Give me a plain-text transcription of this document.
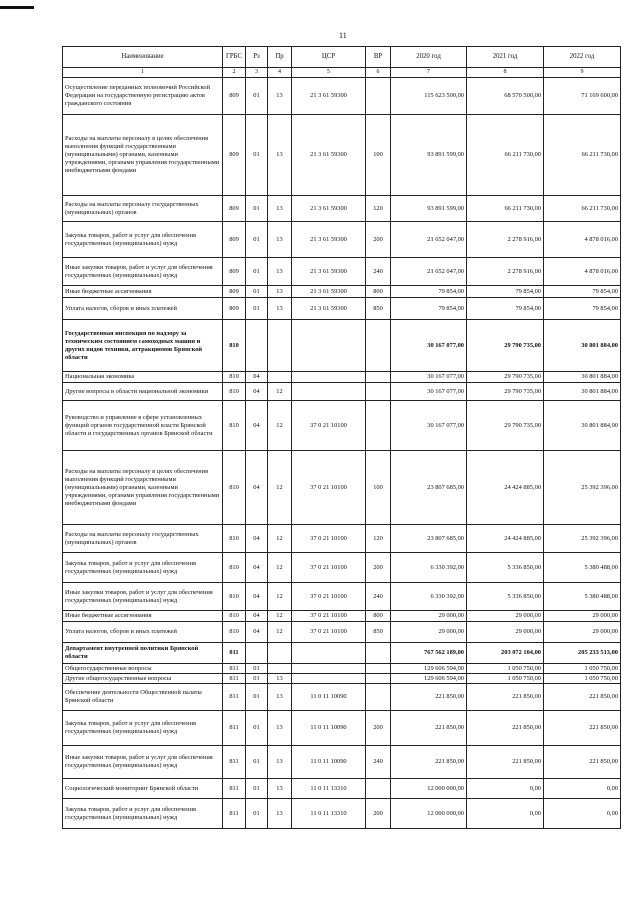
11
Наименование	ГРБС	Рз	Пр	ЦСР	ВР	2020 год	2021 год	2022 год
1	2	3	4	5	6	7	8	9
Осуществление переданных полномочий Российской Федерации на государственную регистрацию актов гражданского состояния	809	01	13	21 3 61 59300		115 623 500,00	68 570 500,00	71 169 600,00
Расходы на выплаты персоналу в целях обеспечения выполнения функций государственными (муниципальными) органами, казенными учреждениями, органами управления государственными внебюджетными фондами	809	01	13	21 3 61 59300	100	93 891 599,00	66 211 730,00	66 211 730,00
Расходы на выплаты персоналу государственных (муниципальных) органов	809	01	13	21 3 61 59300	120	93 891 599,00	66 211 730,00	66 211 730,00
Закупка товаров, работ и услуг для обеспечения государственных (муниципальных) нужд	809	01	13	21 3 61 59300	200	21 652 047,00	2 278 916,00	4 878 016,00
Иные закупки товаров, работ и услуг для обеспечения государственных (муниципальных) нужд	809	01	13	21 3 61 59300	240	21 652 047,00	2 278 916,00	4 878 016,00
Иные бюджетные ассигнования	809	01	13	21 3 61 59300	800	79 854,00	79 854,00	79 854,00
Уплата налогов, сборов и иных платежей	809	01	13	21 3 61 59300	850	79 854,00	79 854,00	79 854,00
Государственная инспекция по надзору за техническим состоянием самоходных машин и других видов техники, аттракционов Брянской области	810					30 167 077,00	29 790 735,00	30 801 884,00
Национальная экономика	810	04				30 167 077,00	29 790 735,00	30 801 884,00
Другие вопросы в области национальной экономики	810	04	12			30 167 077,00	29 790 735,00	30 801 884,00
Руководство и управление в сфере установленных функций органов государственной власти Брянской области и государственных органов Брянской области	810	04	12	37 0 21 10100		30 167 077,00	29 790 735,00	30 801 884,00
Расходы на выплаты персоналу в целях обеспечения выполнения функций государственными (муниципальными) органами, казенными учреждениями, органами управления государственными внебюджетными фондами	810	04	12	37 0 21 10100	100	23 807 685,00	24 424 885,00	25 392 396,00
Расходы на выплаты персоналу государственных (муниципальных) органов	810	04	12	37 0 21 10100	120	23 807 685,00	24 424 885,00	25 392 396,00
Закупка товаров, работ и услуг для обеспечения государственных (муниципальных) нужд	810	04	12	37 0 21 10100	200	6 330 392,00	5 336 850,00	5 380 488,00
Иные закупки товаров, работ и услуг для обеспечения государственных (муниципальных) нужд	810	04	12	37 0 21 10100	240	6 330 392,00	5 336 850,00	5 380 488,00
Иные бюджетные ассигнования	810	04	12	37 0 21 10100	800	29 000,00	29 000,00	29 000,00
Уплата налогов, сборов и иных платежей	810	04	12	37 0 21 10100	850	29 000,00	29 000,00	29 000,00
Департамент внутренней политики Брянской области	811					767 562 189,00	203 072 104,00	205 233 513,00
Общегосударственные вопросы	811	01				129 606 594,00	1 050 750,00	1 050 750,00
Другие общегосударственные вопросы	811	01	13			129 606 594,00	1 050 750,00	1 050 750,00
Обеспечение деятельности Общественной палаты Брянской области	811	01	13	11 0 11 10090		221 850,00	221 850,00	221 850,00
Закупка товаров, работ и услуг для обеспечения государственных (муниципальных) нужд	811	01	13	11 0 11 10090	200	221 850,00	221 850,00	221 850,00
Иные закупки товаров, работ и услуг для обеспечения государственных (муниципальных) нужд	811	01	13	11 0 11 10090	240	221 850,00	221 850,00	221 850,00
Социологический мониторинг Брянской области	811	01	13	11 0 11 13310		12 000 000,00	0,00	0,00
Закупка товаров, работ и услуг для обеспечения государственных (муниципальных) нужд	811	01	13	11 0 11 13310	200	12 000 000,00	0,00	0,00
